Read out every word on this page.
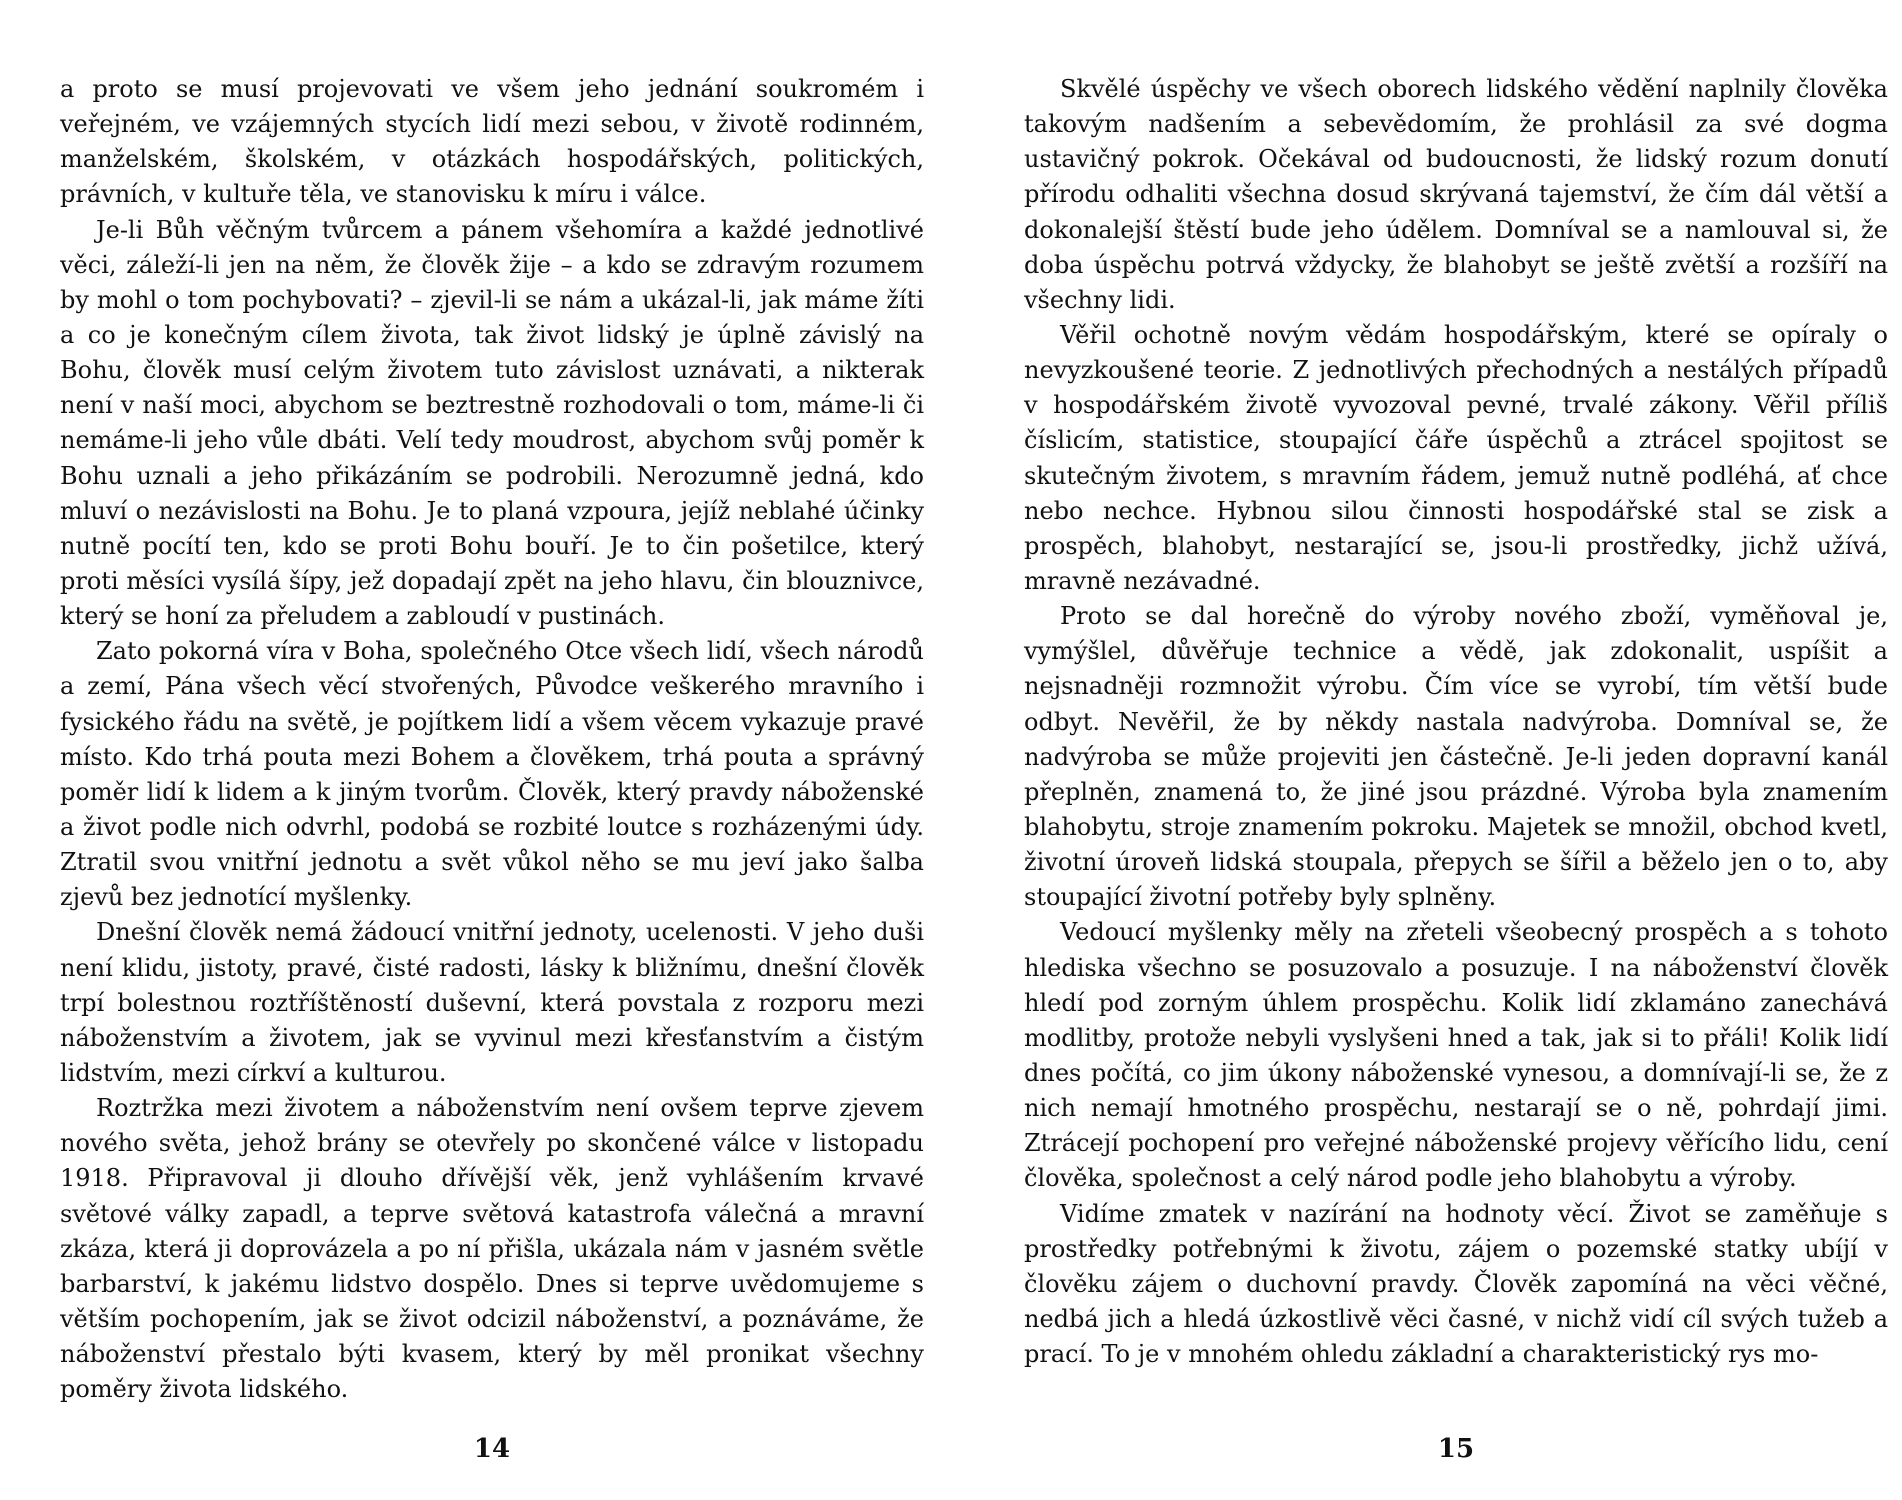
a proto se musí projevovati ve všem jeho jednání soukromém i veřejném, ve vzájemných stycích lidí mezi sebou, v životě rodinném, manželském, školském, v otázkách hospodářských, politických, právních, v kultuře těla, ve stanovisku k míru i válce.

Je-li Bůh věčným tvůrcem a pánem všehomíra a každé jednotlivé věci, záleží-li jen na něm, že člověk žije – a kdo se zdravým rozumem by mohl o tom pochybovati? – zjevil-li se nám a ukázal-li, jak máme žíti a co je konečným cílem života, tak život lidský je úplně závislý na Bohu, člověk musí celým životem tuto závislost uznávati, a nikterak není v naší moci, abychom se beztrestně rozhodovali o tom, máme-li či nemáme-li jeho vůle dbáti. Velí tedy moudrost, abychom svůj poměr k Bohu uznali a jeho přikázáním se podrobili. Nerozumně jedná, kdo mluví o nezávislosti na Bohu. Je to planá vzpoura, jejíž neblahé účinky nutně pocítí ten, kdo se proti Bohu bouří. Je to čin pošetilce, který proti měsíci vysílá šípy, jež dopadají zpět na jeho hlavu, čin blouznivce, který se honí za přeludem a zabloudí v pustinách.

Zato pokorná víra v Boha, společného Otce všech lidí, všech národů a zemí, Pána všech věcí stvořených, Původce veškerého mravního i fysického řádu na světě, je pojítkem lidí a všem věcem vykazuje pravé místo. Kdo trhá pouta mezi Bohem a člověkem, trhá pouta a správný poměr lidí k lidem a k jiným tvorům. Člověk, který pravdy náboženské a život podle nich odvrhl, podobá se rozbité loutce s rozházenými údy. Ztratil svou vnitřní jednotu a svět vůkol něho se mu jeví jako šalba zjevů bez jednotící myšlenky.

Dnešní člověk nemá žádoucí vnitřní jednoty, ucelenosti. V jeho duši není klidu, jistoty, pravé, čisté radosti, lásky k bližnímu, dnešní člověk trpí bolestnou roztříštěností duševní, která povstala z rozporu mezi náboženstvím a životem, jak se vyvinul mezi křesťanstvím a čistým lidstvím, mezi církví a kulturou.

Roztržka mezi životem a náboženstvím není ovšem teprve zjevem nového světa, jehož brány se otevřely po skončené válce v listopadu 1918. Připravoval ji dlouho dřívější věk, jenž vyhlášením krvavé světové války zapadl, a teprve světová katastrofa válečná a mravní zkáza, která ji doprovázela a po ní přišla, ukázala nám v jasném světle barbarství, k jakému lidstvo dospělo. Dnes si teprve uvědomujeme s větším pochopením, jak se život odcizil náboženství, a poznáváme, že náboženství přestalo býti kvasem, který by měl pronikat všechny poměry života lidského.

14

Skvělé úspěchy ve všech oborech lidského vědění naplnily člověka takovým nadšením a sebevědomím, že prohlásil za své dogma ustavičný pokrok. Očekával od budoucnosti, že lidský rozum donutí přírodu odhaliti všechna dosud skrývaná tajemství, že čím dál větší a dokonalejší štěstí bude jeho údělem. Domníval se a namlouval si, že doba úspěchu potrvá vždycky, že blahobyt se ještě zvětší a rozšíří na všechny lidi.

Věřil ochotně novým vědám hospodářským, které se opíraly o nevyzkoušené teorie. Z jednotlivých přechodných a nestálých případů v hospodářském životě vyvozoval pevné, trvalé zákony. Věřil příliš číslicím, statistice, stoupající čáře úspěchů a ztrácel spojitost se skutečným životem, s mravním řádem, jemuž nutně podléhá, ať chce nebo nechce. Hybnou silou činnosti hospodářské stal se zisk a prospěch, blahobyt, nestarající se, jsou-li prostředky, jichž užívá, mravně nezávadné.

Proto se dal horečně do výroby nového zboží, vyměňoval je, vymýšlel, důvěřuje technice a vědě, jak zdokonalit, uspíšit a nejsnadněji rozmnožit výrobu. Čím více se vyrobí, tím větší bude odbyt. Nevěřil, že by někdy nastala nadvýroba. Domníval se, že nadvýroba se může projeviti jen částečně. Je-li jeden dopravní kanál přeplněn, znamená to, že jiné jsou prázdné. Výroba byla znamením blahobytu, stroje znamením pokroku. Majetek se množil, obchod kvetl, životní úroveň lidská stoupala, přepych se šířil a běželo jen o to, aby stoupající životní potřeby byly splněny.

Vedoucí myšlenky měly na zřeteli všeobecný prospěch a s tohoto hlediska všechno se posuzovalo a posuzuje. I na náboženství člověk hledí pod zorným úhlem prospěchu. Kolik lidí zklamáno zanechává modlitby, protože nebyli vyslyšeni hned a tak, jak si to přáli! Kolik lidí dnes počítá, co jim úkony náboženské vynesou, a domnívají-li se, že z nich nemají hmotného prospěchu, nestarají se o ně, pohrdají jimi. Ztrácejí pochopení pro veřejné náboženské projevy věřícího lidu, cení člověka, společnost a celý národ podle jeho blahobytu a výroby.

Vidíme zmatek v nazírání na hodnoty věcí. Život se zaměňuje s prostředky potřebnými k životu, zájem o pozemské statky ubíjí v člověku zájem o duchovní pravdy. Člověk zapomíná na věci věčné, nedbá jich a hledá úzkostlivě věci časné, v nichž vidí cíl svých tužeb a prací. To je v mnohém ohledu základní a charakteristický rys mo-

15
